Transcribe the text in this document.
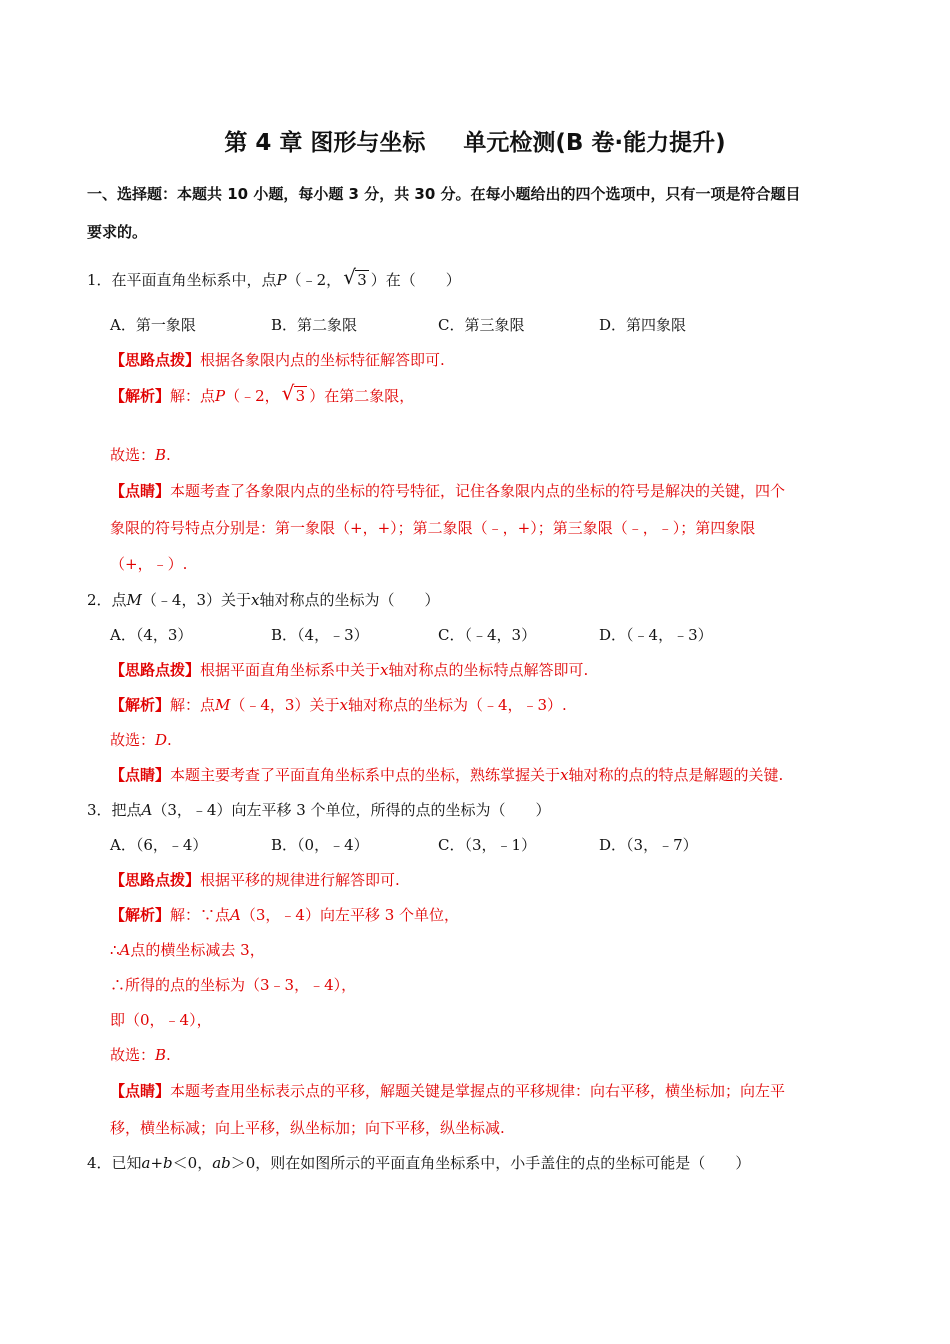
第 4 章 图形与坐标 单元检测(B 卷·能力提升)
一、选择题：本题共 10 小题，每小题 3 分，共 30 分。在每小题给出的四个选项中，只有一项是符合题目
要求的。
1．在平面直角坐标系中，点P（﹣2， √ 3 ）在（　　）
A．第一象限	B．第二象限	C．第三象限	D．第四象限
【思路点拨】根据各象限内点的坐标特征解答即可.
【解析】解：点P（﹣2， √ 3 ）在第二象限，
故选：B.
【点睛】本题考查了各象限内点的坐标的符号特征，记住各象限内点的坐标的符号是解决的关键，四个
象限的符号特点分别是：第一象限（+，+）；第二象限（﹣，+）；第三象限（﹣，﹣）；第四象限
（+，﹣）.
2．点M（﹣4，3）关于x轴对称点的坐标为（　　）
A．（4，3）	B．（4，﹣3）	C．（﹣4，3）	D．（﹣4，﹣3）
【思路点拨】根据平面直角坐标系中关于x轴对称点的坐标特点解答即可.
【解析】解：点M（﹣4，3）关于x轴对称点的坐标为（﹣4，﹣3）.
故选：D.
【点睛】本题主要考查了平面直角坐标系中点的坐标，熟练掌握关于x轴对称的点的特点是解题的关键.
3．把点A（3，﹣4）向左平移 3 个单位，所得的点的坐标为（　　）
A．（6，﹣4）	B．（0，﹣4）	C．（3，﹣1）	D．（3，﹣7）
【思路点拨】根据平移的规律进行解答即可.
【解析】解：∵点A（3，﹣4）向左平移 3 个单位，
∴A点的横坐标减去 3，
∴所得的点的坐标为（3﹣3，﹣4），
即（0，﹣4），
故选：B.
【点睛】本题考查用坐标表示点的平移，解题关键是掌握点的平移规律：向右平移，横坐标加；向左平
移，横坐标减；向上平移，纵坐标加；向下平移，纵坐标减.
4．已知a+b＜0，ab＞0，则在如图所示的平面直角坐标系中，小手盖住的点的坐标可能是（　　）
